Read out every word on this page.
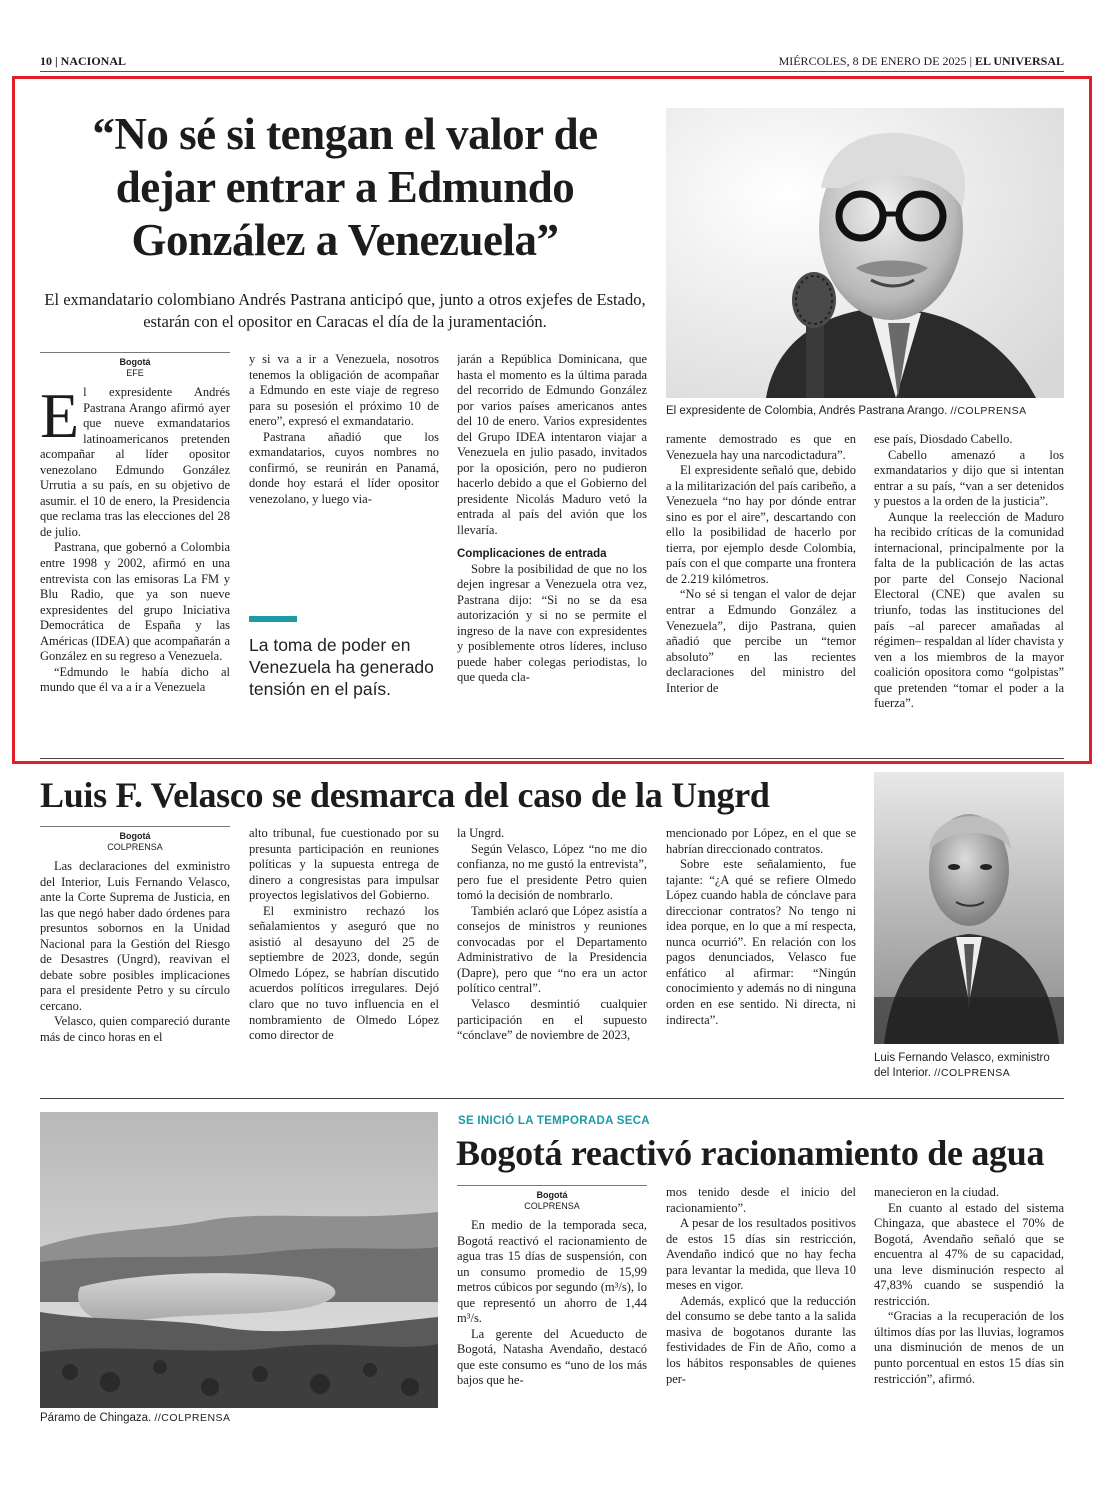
10 | NACIONAL	MIÉRCOLES, 8 DE ENERO DE 2025 | EL UNIVERSAL
“No sé si tengan el valor de dejar entrar a Edmundo González a Venezuela”
El exmandatario colombiano Andrés Pastrana anticipó que, junto a otros exjefes de Estado, estarán con el opositor en Caracas el día de la juramentación.
El expresidente de Colombia, Andrés Pastrana Arango. //COLPRENSA
Bogotá
EFE

El expresidente Andrés Pastrana Arango afirmó ayer que nueve exmandatarios latinoamericanos pretenden acompañar al líder opositor venezolano Edmundo González Urrutia a su país, en su objetivo de asumir. el 10 de enero, la Presidencia que reclama tras las elecciones del 28 de julio.

Pastrana, que gobernó a Colombia entre 1998 y 2002, afirmó en una entrevista con las emisoras La FM y Blu Radio, que ya son nueve expresidentes del grupo Iniciativa Democrática de España y las Américas (IDEA) que acompañarán a González en su regreso a Venezuela.

“Edmundo le había dicho al mundo que él va a ir a Venezuela

y si va a ir a Venezuela, nosotros tenemos la obligación de acompañar a Edmundo en este viaje de regreso para su posesión el próximo 10 de enero”, expresó el exmandatario.

Pastrana añadió que los exmandatarios, cuyos nombres no confirmó, se reunirán en Panamá, donde hoy estará el líder opositor venezolano, y luego via-

La toma de poder en Venezuela ha generado tensión en el país.

jarán a República Dominicana, que hasta el momento es la última parada del recorrido de Edmundo González por varios países americanos antes del 10 de enero. Varios expresidentes del Grupo IDEA intentaron viajar a Venezuela en julio pasado, invitados por la oposición, pero no pudieron hacerlo debido a que el Gobierno del presidente Nicolás Maduro vetó la entrada al país del avión que los llevaría.

Complicaciones de entrada

Sobre la posibilidad de que no los dejen ingresar a Venezuela otra vez, Pastrana dijo: “Si no se da esa autorización y si no se permite el ingreso de la nave con expresidentes y posiblemente otros líderes, incluso puede haber colegas periodistas, lo que queda cla-

ramente demostrado es que en Venezuela hay una narcodictadura”.

El expresidente señaló que, debido a la militarización del país caribeño, a Venezuela “no hay por dónde entrar sino es por el aire”, descartando con ello la posibilidad de hacerlo por tierra, por ejemplo desde Colombia, país con el que comparte una frontera de 2.219 kilómetros.

“No sé si tengan el valor de dejar entrar a Edmundo González a Venezuela”, dijo Pastrana, quien añadió que percibe un “temor absoluto” en las recientes declaraciones del ministro del Interior de

ese país, Diosdado Cabello.

Cabello amenazó a los exmandatarios y dijo que si intentan entrar a su país, “van a ser detenidos y puestos a la orden de la justicia”.

Aunque la reelección de Maduro ha recibido críticas de la comunidad internacional, principalmente por la falta de la publicación de las actas por parte del Consejo Nacional Electoral (CNE) que avalen su triunfo, todas las instituciones del país –al parecer amañadas al régimen– respaldan al líder chavista y ven a los miembros de la mayor coalición opositora como “golpistas” que pretenden “tomar el poder a la fuerza”.

Luis F. Velasco se desmarca del caso de la Ungrd
Bogotá
COLPRENSA

Las declaraciones del exministro del Interior, Luis Fernando Velasco, ante la Corte Suprema de Justicia, en las que negó haber dado órdenes para presuntos sobornos en la Unidad Nacional para la Gestión del Riesgo de Desastres (Ungrd), reavivan el debate sobre posibles implicaciones para el presidente Petro y su círculo cercano.

Velasco, quien compareció durante más de cinco horas en el

alto tribunal, fue cuestionado por su presunta participación en reuniones políticas y la supuesta entrega de dinero a congresistas para impulsar proyectos legislativos del Gobierno.

El exministro rechazó los señalamientos y aseguró que no asistió al desayuno del 25 de septiembre de 2023, donde, según Olmedo López, se habrían discutido acuerdos políticos irregulares. Dejó claro que no tuvo influencia en el nombramiento de Olmedo López como director de

la Ungrd.

Según Velasco, López “no me dio confianza, no me gustó la entrevista”, pero fue el presidente Petro quien tomó la decisión de nombrarlo.

También aclaró que López asistía a consejos de ministros y reuniones convocadas por el Departamento Administrativo de la Presidencia (Dapre), pero que “no era un actor político central”.

Velasco desmintió cualquier participación en el supuesto “cónclave” de noviembre de 2023,

mencionado por López, en el que se habrían direccionado contratos.

Sobre este señalamiento, fue tajante: “¿A qué se refiere Olmedo López cuando habla de cónclave para direccionar contratos? No tengo ni idea porque, en lo que a mí respecta, nunca ocurrió”. En relación con los pagos denunciados, Velasco fue enfático al afirmar: “Ningún conocimiento y además no di ninguna orden en ese sentido. Ni directa, ni indirecta”.

Luis Fernando Velasco, exministro del Interior. //COLPRENSA
Páramo de Chingaza. //COLPRENSA
SE INICIÓ LA TEMPORADA SECA
Bogotá reactivó racionamiento de agua
Bogotá
COLPRENSA

En medio de la temporada seca, Bogotá reactivó el racionamiento de agua tras 15 días de suspensión, con un consumo promedio de 15,99 metros cúbicos por segundo (m³/s), lo que representó un ahorro de 1,44 m³/s.

La gerente del Acueducto de Bogotá, Natasha Avendaño, destacó que este consumo es “uno de los más bajos que he-

mos tenido desde el inicio del racionamiento”.

A pesar de los resultados positivos de estos 15 días sin restricción, Avendaño indicó que no hay fecha para levantar la medida, que lleva 10 meses en vigor.

Además, explicó que la reducción del consumo se debe tanto a la salida masiva de bogotanos durante las festividades de Fin de Año, como a los hábitos responsables de quienes per-

manecieron en la ciudad.

En cuanto al estado del sistema Chingaza, que abastece el 70% de Bogotá, Avendaño señaló que se encuentra al 47% de su capacidad, una leve disminución respecto al 47,83% cuando se suspendió la restricción.

“Gracias a la recuperación de los últimos días por las lluvias, logramos una disminución de menos de un punto porcentual en estos 15 días sin restricción”, afirmó.
